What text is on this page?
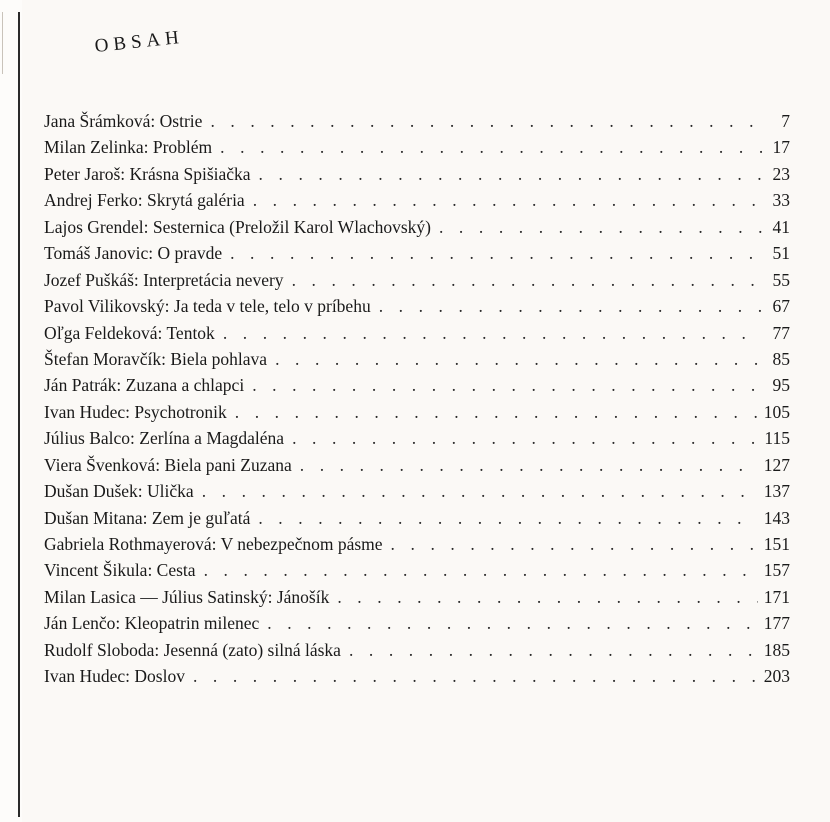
OBSAH
Jana Šrámková: Ostrie . . .	7
Milan Zelinka: Problém . . .	17
Peter Jaroš: Krásna Spišiačka . . .	23
Andrej Ferko: Skrytá galéria . . .	33
Lajos Grendel: Sesternica (Preložil Karol Wlachovský) . . .	41
Tomáš Janovic: O pravde . . .	51
Jozef Puškáš: Interpretácia nevery . . .	55
Pavol Vilikovský: Ja teda v tele, telo v príbehu . . .	67
Oľga Feldeková: Tentok . . .	77
Štefan Moravčík: Biela pohlava . . .	85
Ján Patrák: Zuzana a chlapci . . .	95
Ivan Hudec: Psychotronik . . .	105
Július Balco: Zerlína a Magdaléna . . .	115
Viera Švenková: Biela pani Zuzana . . .	127
Dušan Dušek: Ulička . . .	137
Dušan Mitana: Zem je guľatá . . .	143
Gabriela Rothmayerová: V nebezpečnom pásme . . .	151
Vincent Šikula: Cesta . . .	157
Milan Lasica — Július Satinský: Jánošík . . .	171
Ján Lenčo: Kleopatrin milenec . . .	177
Rudolf Sloboda: Jesenná (zato) silná láska . . .	185
Ivan Hudec: Doslov . . .	203
